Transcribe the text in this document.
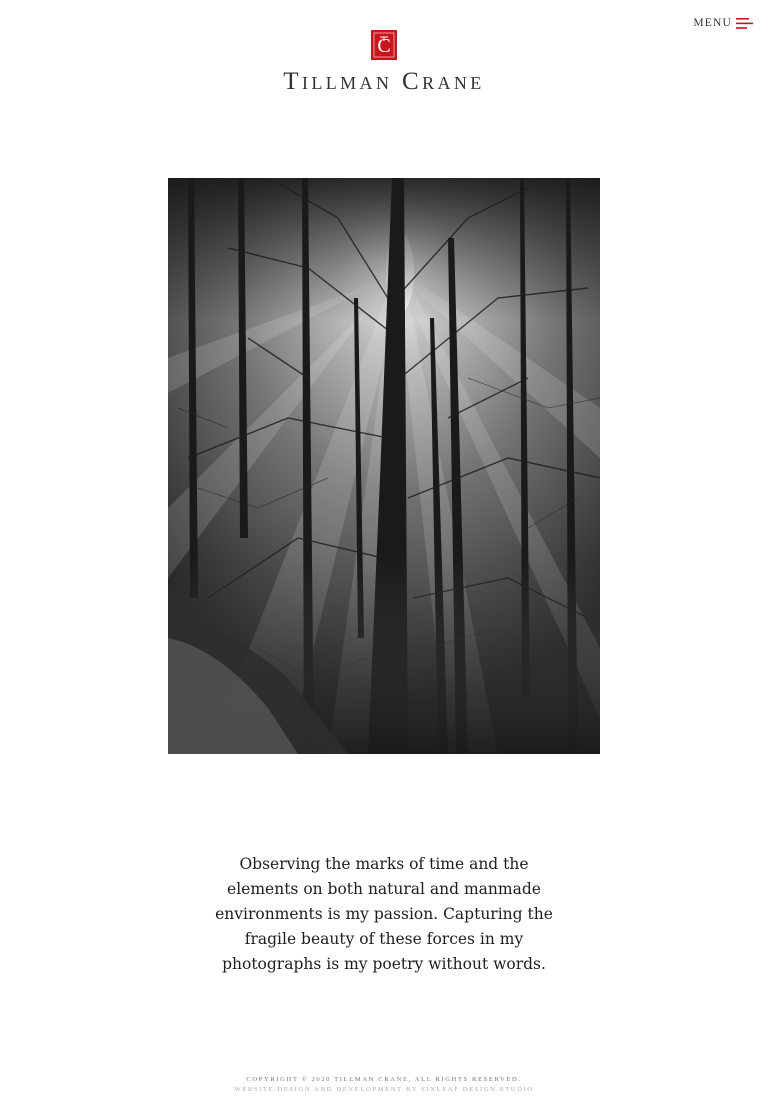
MENU
C
Tillman Crane

Observing the marks of time and the elements on both natural and manmade environments is my passion. Capturing the fragile beauty of these forces in my photographs is my poetry without words.

COPYRIGHT © 2020 TILLMAN CRANE, ALL RIGHTS RESERVED.
WEBSITE DESIGN AND DEVELOPMENT BY SIXLEAF DESIGN STUDIO
